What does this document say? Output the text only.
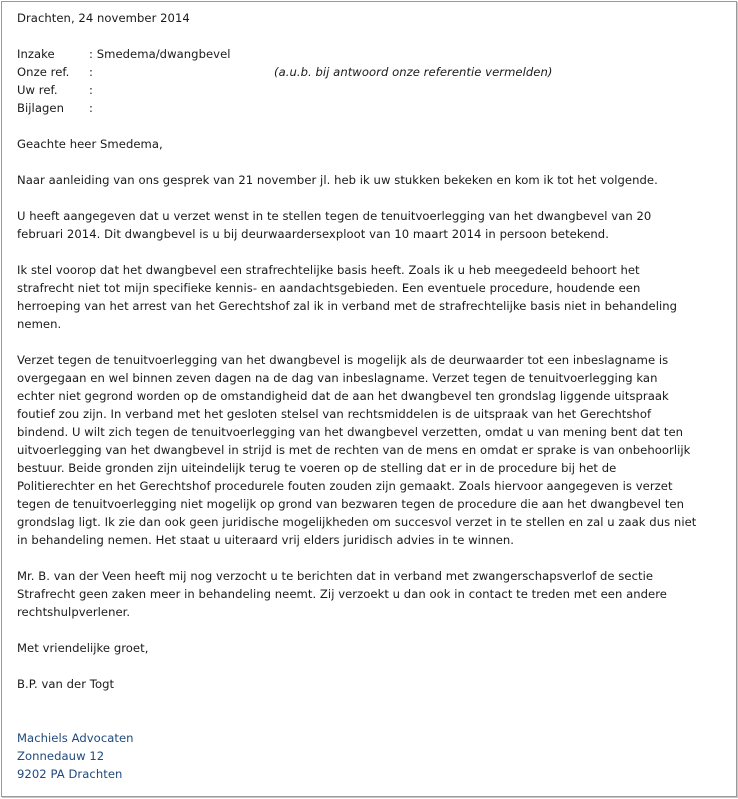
Drachten, 24 november 2014
Inzake	: Smedema/dwangbevel
Onze ref. :	(a.u.b. bij antwoord onze referentie vermelden)
Uw ref.	:
Bijlagen :
Geachte heer Smedema,
Naar aanleiding van ons gesprek van 21 november jl. heb ik uw stukken bekeken en kom ik tot het volgende.
U heeft aangegeven dat u verzet wenst in te stellen tegen de tenuitvoerlegging van het dwangbevel van 20
februari 2014. Dit dwangbevel is u bij deurwaardersexploot van 10 maart 2014 in persoon betekend.
Ik stel voorop dat het dwangbevel een strafrechtelijke basis heeft. Zoals ik u heb meegedeeld behoort het
strafrecht niet tot mijn specifieke kennis- en aandachtsgebieden. Een eventuele procedure, houdende een
herroeping van het arrest van het Gerechtshof zal ik in verband met de strafrechtelijke basis niet in behandeling
nemen.
Verzet tegen de tenuitvoerlegging van het dwangbevel is mogelijk als de deurwaarder tot een inbeslagname is
overgegaan en wel binnen zeven dagen na de dag van inbeslagname. Verzet tegen de tenuitvoerlegging kan
echter niet gegrond worden op de omstandigheid dat de aan het dwangbevel ten grondslag liggende uitspraak
foutief zou zijn. In verband met het gesloten stelsel van rechtsmiddelen is de uitspraak van het Gerechtshof
bindend. U wilt zich tegen de tenuitvoerlegging van het dwangbevel verzetten, omdat u van mening bent dat ten
uitvoerlegging van het dwangbevel in strijd is met de rechten van de mens en omdat er sprake is van onbehoorlijk
bestuur. Beide gronden zijn uiteindelijk terug te voeren op de stelling dat er in de procedure bij het de
Politierechter en het Gerechtshof procedurele fouten zouden zijn gemaakt. Zoals hiervoor aangegeven is verzet
tegen de tenuitvoerlegging niet mogelijk op grond van bezwaren tegen de procedure die aan het dwangbevel ten
grondslag ligt. Ik zie dan ook geen juridische mogelijkheden om succesvol verzet in te stellen en zal u zaak dus niet
in behandeling nemen. Het staat u uiteraard vrij elders juridisch advies in te winnen.
Mr. B. van der Veen heeft mij nog verzocht u te berichten dat in verband met zwangerschapsverlof de sectie
Strafrecht geen zaken meer in behandeling neemt. Zij verzoekt u dan ook in contact te treden met een andere
rechtshulpverlener.
Met vriendelijke groet,
B.P. van der Togt
Machiels Advocaten
Zonnedauw 12
9202 PA Drachten
